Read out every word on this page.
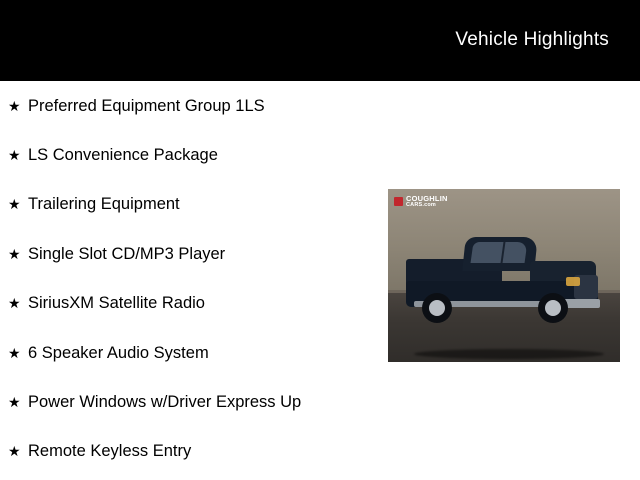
Vehicle Highlights
★ Preferred Equipment Group 1LS
★ LS Convenience Package
★ Trailering Equipment
★ Single Slot CD/MP3 Player
★ SiriusXM Satellite Radio
★ 6 Speaker Audio System
★ Power Windows w/Driver Express Up
★ Remote Keyless Entry
COUGHLIN
CARS.com
